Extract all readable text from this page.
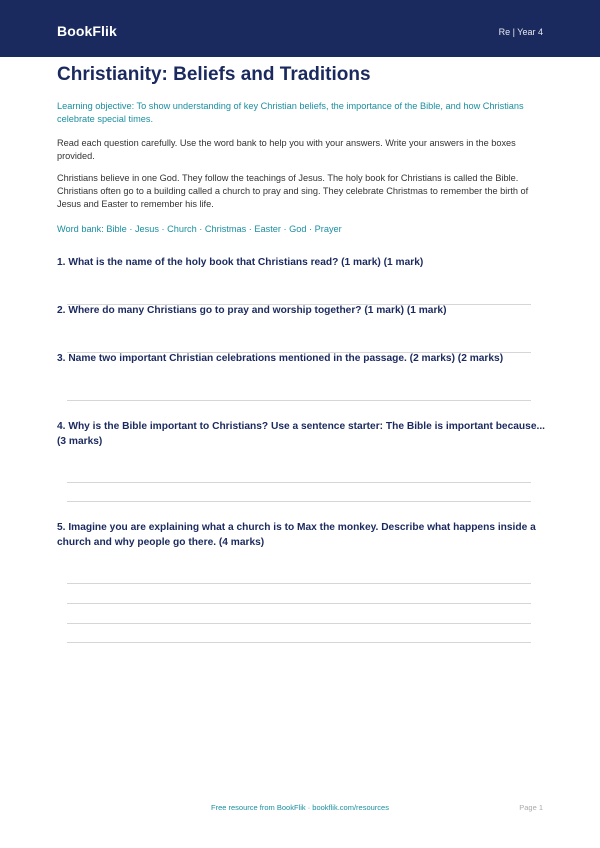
BookFlik	Re | Year 4
Christianity: Beliefs and Traditions

Learning objective: To show understanding of key Christian beliefs, the importance of the Bible, and how Christians celebrate special times.

Read each question carefully. Use the word bank to help you with your answers. Write your answers in the boxes provided.

Christians believe in one God. They follow the teachings of Jesus. The holy book for Christians is called the Bible. Christians often go to a building called a church to pray and sing. They celebrate Christmas to remember the birth of Jesus and Easter to remember his life.

Word bank: Bible · Jesus · Church · Christmas · Easter · God · Prayer

1. What is the name of the holy book that Christians read? (1 mark) (1 mark)

2. Where do many Christians go to pray and worship together? (1 mark) (1 mark)

3. Name two important Christian celebrations mentioned in the passage. (2 marks) (2 marks)

4. Why is the Bible important to Christians? Use a sentence starter: The Bible is important because... (3 marks)

5. Imagine you are explaining what a church is to Max the monkey. Describe what happens inside a church and why people go there. (4 marks)

Free resource from BookFlik · bookflik.com/resources	Page 1
